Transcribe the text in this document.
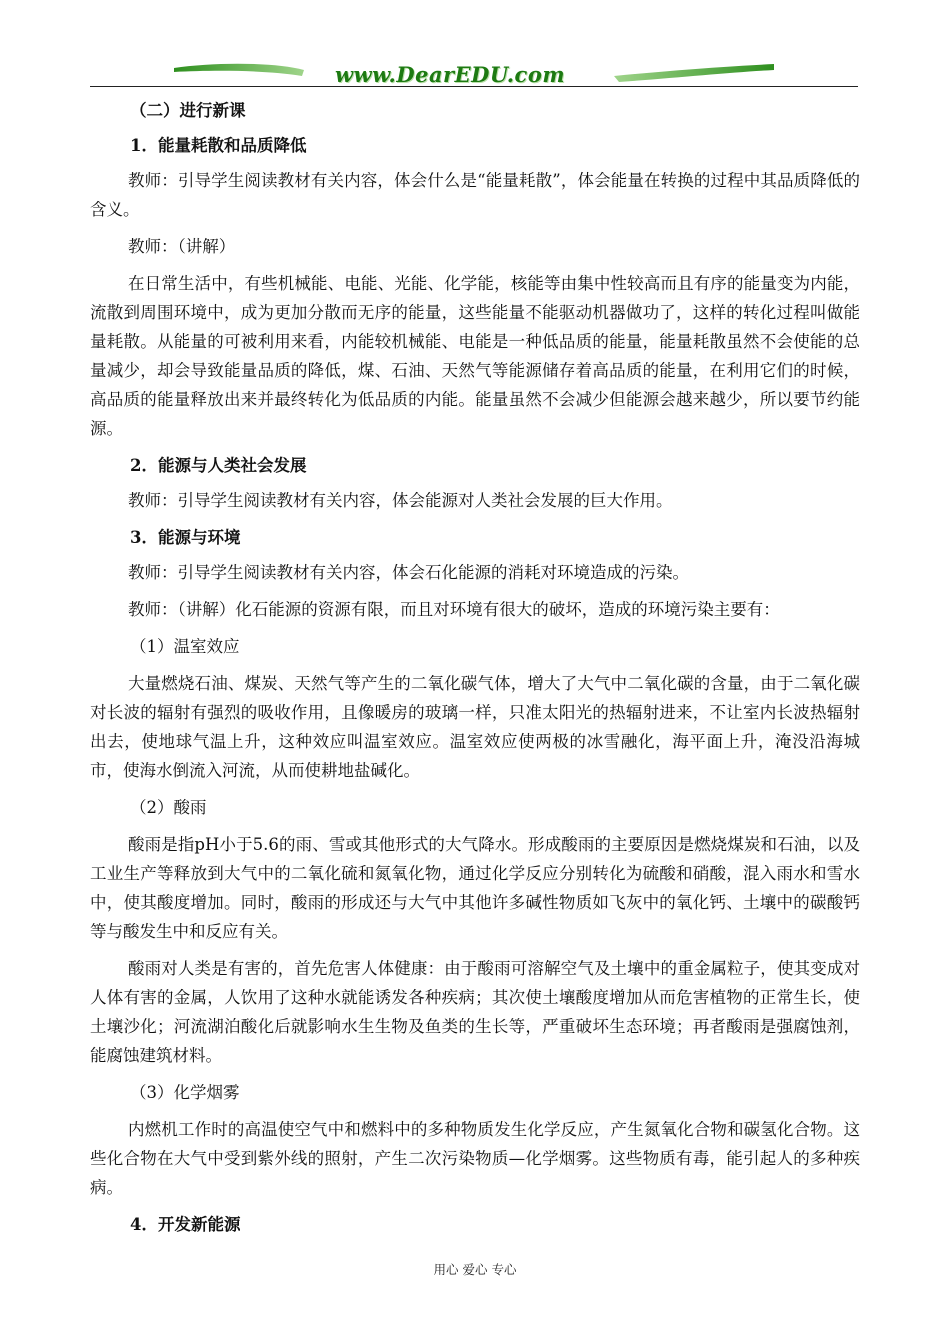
www.DearEDU.com

（二）进行新课

1．能量耗散和品质降低

教师：引导学生阅读教材有关内容，体会什么是“能量耗散”，体会能量在转换的过程中其品质降低的含义。

教师：（讲解）

在日常生活中，有些机械能、电能、光能、化学能，核能等由集中性较高而且有序的能量变为内能，流散到周围环境中，成为更加分散而无序的能量，这些能量不能驱动机器做功了，这样的转化过程叫做能量耗散。从能量的可被利用来看，内能较机械能、电能是一种低品质的能量，能量耗散虽然不会使能的总量减少，却会导致能量品质的降低，煤、石油、天然气等能源储存着高品质的能量，在利用它们的时候，高品质的能量释放出来并最终转化为低品质的内能。能量虽然不会减少但能源会越来越少，所以要节约能源。

2．能源与人类社会发展

教师：引导学生阅读教材有关内容，体会能源对人类社会发展的巨大作用。

3．能源与环境

教师：引导学生阅读教材有关内容，体会石化能源的消耗对环境造成的污染。

教师：（讲解）化石能源的资源有限，而且对环境有很大的破坏，造成的环境污染主要有：

（1）温室效应

大量燃烧石油、煤炭、天然气等产生的二氧化碳气体，增大了大气中二氧化碳的含量，由于二氧化碳对长波的辐射有强烈的吸收作用，且像暖房的玻璃一样，只准太阳光的热辐射进来，不让室内长波热辐射出去，使地球气温上升，这种效应叫温室效应。温室效应使两极的冰雪融化，海平面上升，淹没沿海城市，使海水倒流入河流，从而使耕地盐碱化。

（2）酸雨

酸雨是指pH小于5.6的雨、雪或其他形式的大气降水。形成酸雨的主要原因是燃烧煤炭和石油，以及工业生产等释放到大气中的二氧化硫和氮氧化物，通过化学反应分别转化为硫酸和硝酸，混入雨水和雪水中，使其酸度增加。同时，酸雨的形成还与大气中其他许多碱性物质如飞灰中的氧化钙、土壤中的碳酸钙等与酸发生中和反应有关。

酸雨对人类是有害的，首先危害人体健康：由于酸雨可溶解空气及土壤中的重金属粒子，使其变成对人体有害的金属，人饮用了这种水就能诱发各种疾病；其次使土壤酸度增加从而危害植物的正常生长，使土壤沙化；河流湖泊酸化后就影响水生生物及鱼类的生长等，严重破坏生态环境；再者酸雨是强腐蚀剂，能腐蚀建筑材料。

（3）化学烟雾

内燃机工作时的高温使空气中和燃料中的多种物质发生化学反应，产生氮氧化合物和碳氢化合物。这些化合物在大气中受到紫外线的照射，产生二次污染物质—化学烟雾。这些物质有毒，能引起人的多种疾病。

4．开发新能源

用心 爱心 专心
